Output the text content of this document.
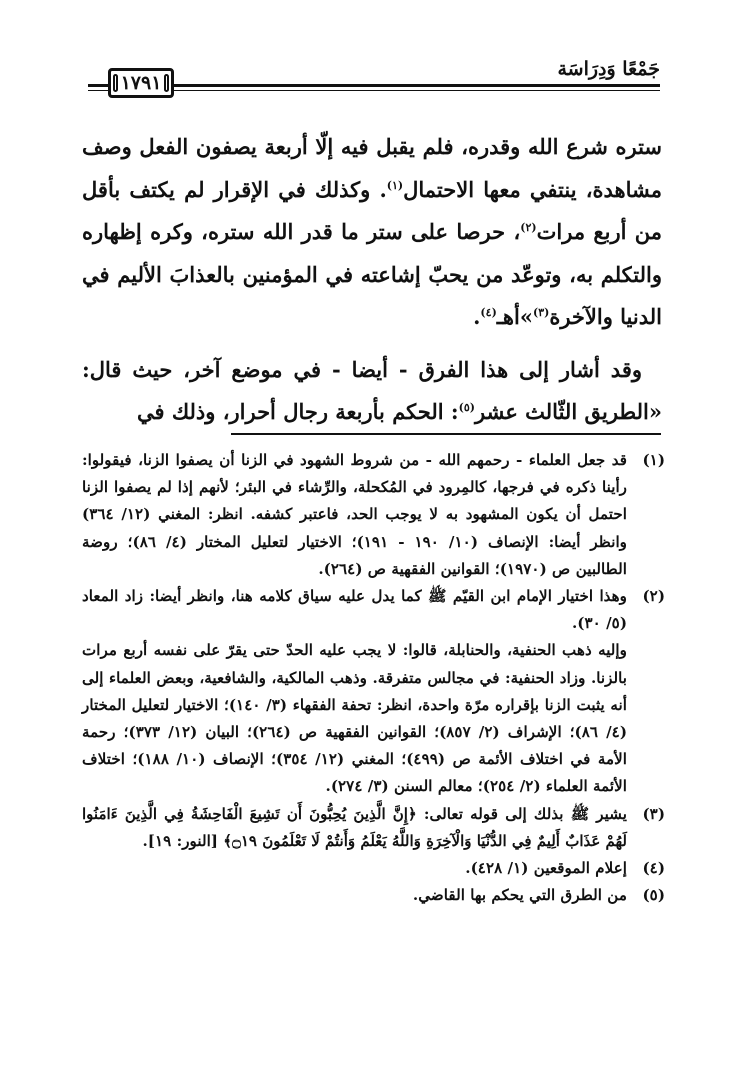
١٧٩١
جَمْعًا وَدِرَاسَة

ستره شرع الله وقدره، فلم يقبل فيه إلّا أربعة يصفون الفعل وصف مشاهدة، ينتفي معها الاحتمال$^{(١)}$. وكذلك في الإقرار لم يكتف بأقل من أربع مرات$^{(٢)}$، حرصا على ستر ما قدر الله ستره، وكره إظهاره والتكلم به، وتوعّد من يحبّ إشاعته في المؤمنين بالعذابَ الأليم في الدنيا والآخرة$^{(٣)}$»أهـ$^{(٤)}$.

وقد أشار إلى هذا الفرق - أيضا - في موضع آخر، حيث قال: «الطريق الثّالث عشر$^{(٥)}$: الحكم بأربعة رجال أحرار، وذلك في

(١)

قد جعل العلماء - رحمهم الله - من شروط الشهود في الزنا أن يصفوا الزنا، فيقولوا: رأينا ذكره في فرجها، كالمِرود في المُكحلة، والرِّشاء في البئر؛ لأنهم إذا لم يصفوا الزنا احتمل أن يكون المشهود به لا يوجب الحد، فاعتبر كشفه. انظر: المغني (١٢/ ٣٦٤) وانظر أيضا: الإنصاف (١٠/ ١٩٠ - ١٩١)؛ الاختيار لتعليل المختار (٤/ ٨٦)؛ روضة الطالبين ص (١٩٧٠)؛ القوانين الفقهية ص (٢٦٤).

(٢)

وهذا اختيار الإمام ابن القيّم ﷺ كما يدل عليه سياق كلامه هنا، وانظر أيضا: زاد المعاد (٥/ ٣٠).

وإليه ذهب الحنفية، والحنابلة، قالوا: لا يجب عليه الحدّ حتى يقرّ على نفسه أربع مرات بالزنا. وزاد الحنفية: في مجالس متفرقة. وذهب المالكية، والشافعية، وبعض العلماء إلى أنه يثبت الزنا بإقراره مرّة واحدة، انظر: تحفة الفقهاء (٣/ ١٤٠)؛ الاختيار لتعليل المختار (٤/ ٨٦)؛ الإشراف (٢/ ٨٥٧)؛ القوانين الفقهية ص (٢٦٤)؛ البيان (١٢/ ٣٧٣)؛ رحمة الأمة في اختلاف الأئمة ص (٤٩٩)؛ المغني (١٢/ ٣٥٤)؛ الإنصاف (١٠/ ١٨٨)؛ اختلاف الأئمة العلماء (٢/ ٢٥٤)؛ معالم السنن (٣/ ٢٧٤).

(٣)

يشير ﷺ بذلك إلى قوله تعالى: ﴿إِنَّ الَّذِينَ يُحِبُّونَ أَن تَشِيعَ الْفَاحِشَةُ فِي الَّذِينَ ءَامَنُوا لَهُمْ عَذَابٌ أَلِيمٌ فِي الدُّنْيَا وَالْآخِرَةِ وَاللَّهُ يَعْلَمُ وَأَنتُمْ لَا تَعْلَمُونَ ۝١٩﴾ [النور: ١٩].

(٤)

إعلام الموقعين (١/ ٤٢٨).

(٥)

من الطرق التي يحكم بها القاضي.
